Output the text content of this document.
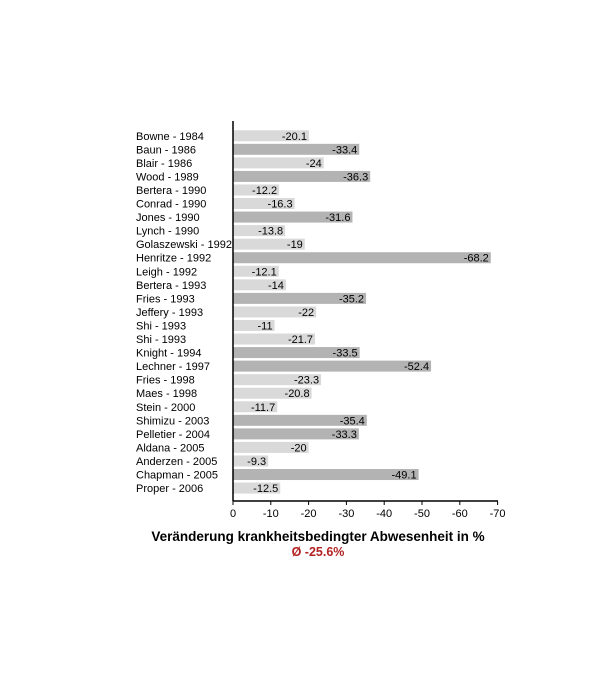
Bowne - 1984
Baun - 1986
Blair - 1986
Wood - 1989
Bertera - 1990
Conrad - 1990
Jones - 1990
Lynch - 1990
Golaszewski - 1992
Henritze - 1992
Leigh - 1992
Bertera - 1993
Fries - 1993
Jeffery - 1993
Shi - 1993
Shi - 1993
Knight - 1994
Lechner - 1997
Fries - 1998
Maes - 1998
Stein - 2000
Shimizu - 2003
Pelletier - 2004
Aldana - 2005
Anderzen - 2005
Chapman - 2005
Proper - 2006
-20.1
-33.4
-24
-36.3
-12.2
-16.3
-31.6
-13.8
-19
-68.2
-12.1
-14
-35.2
-22
-11
-21.7
-33.5
-52.4
-23.3
-20.8
-11.7
-35.4
-33.3
-20
-9.3
-49.1
-12.5
0 -10 -20 -30 -40 -50 -60 -70
Veränderung krankheitsbedingter Abwesenheit in %
Ø -25.6%
